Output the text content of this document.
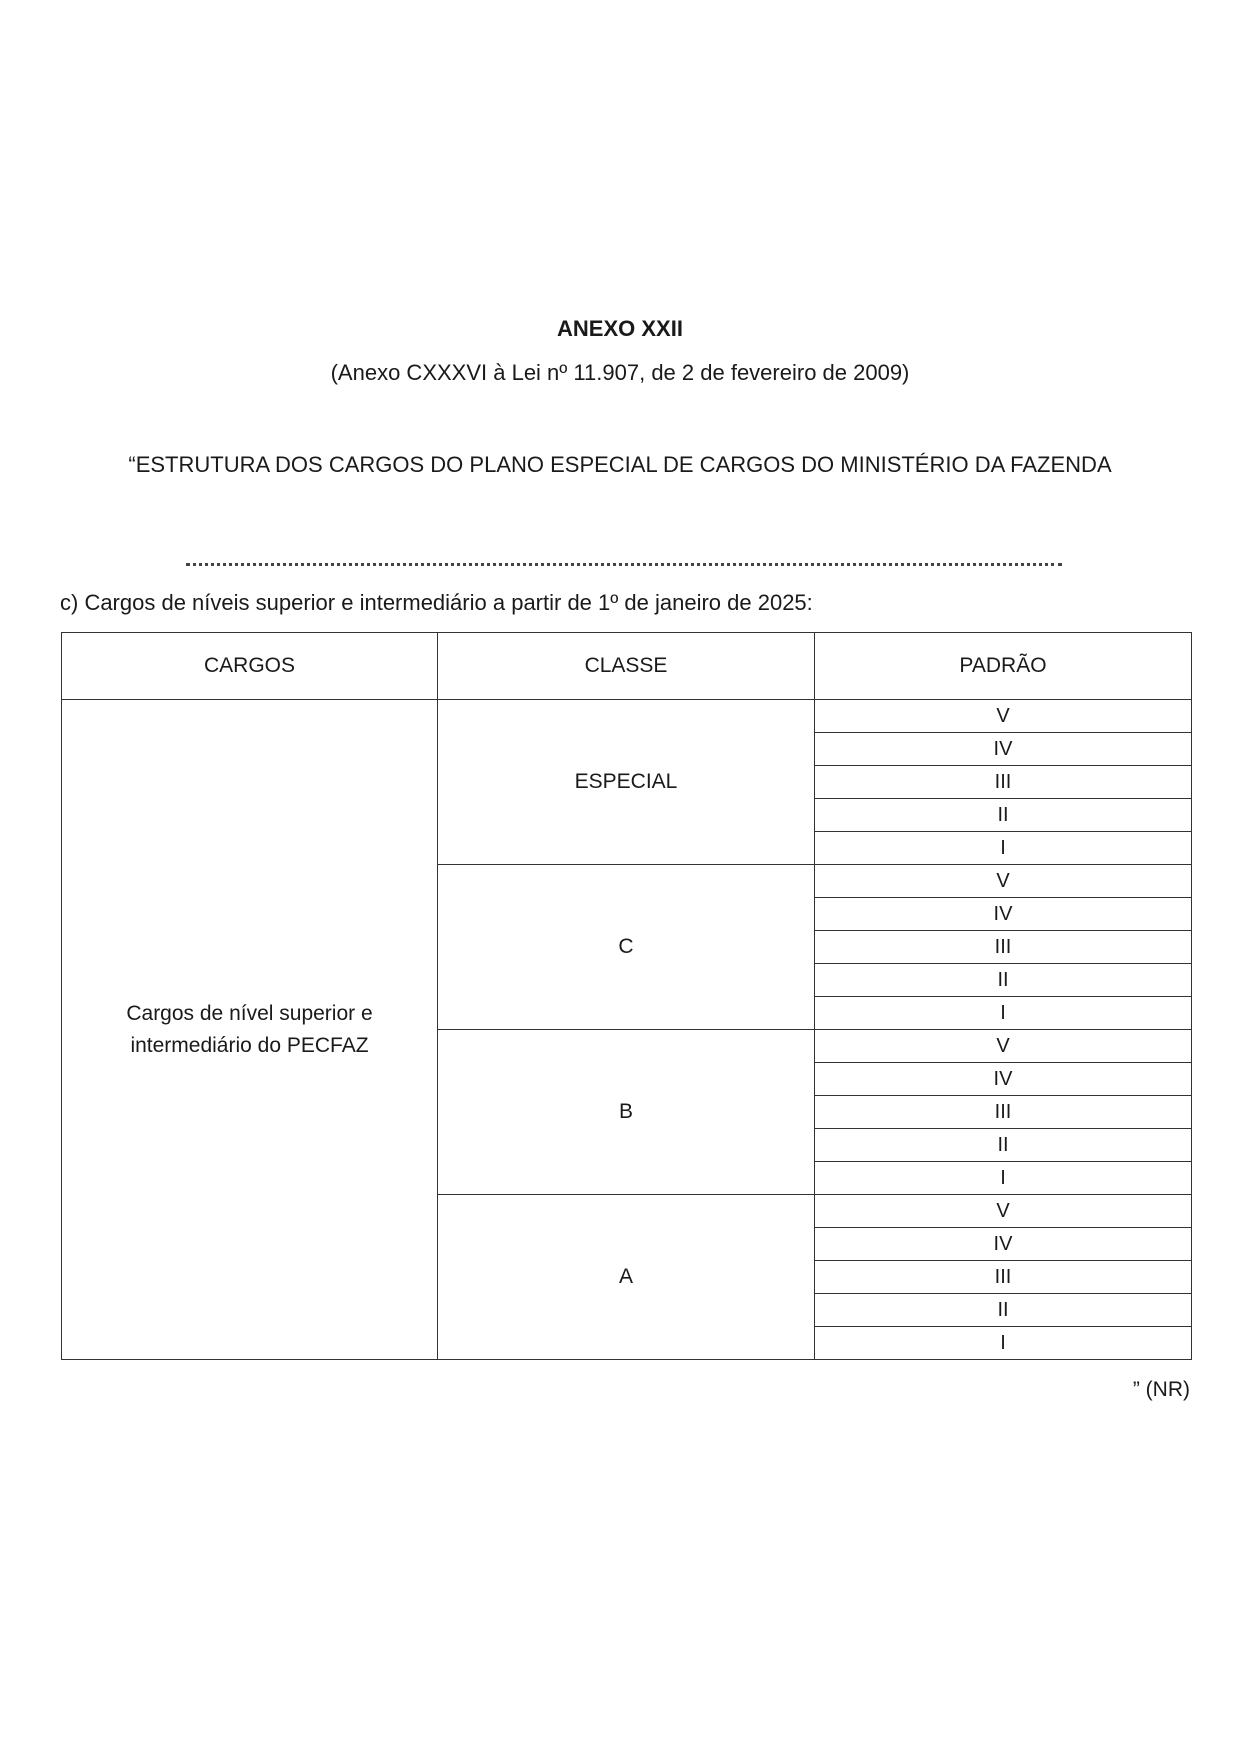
ANEXO XXII

(Anexo CXXXVI à Lei nº 11.907, de 2 de fevereiro de 2009)

“ESTRUTURA DOS CARGOS DO PLANO ESPECIAL DE CARGOS DO MINISTÉRIO DA FAZENDA

c) Cargos de níveis superior e intermediário a partir de 1º de janeiro de 2025:

CARGOS	CLASSE	PADRÃO
Cargos de nível superior e
intermediário do PECFAZ	ESPECIAL	V
		IV
		III
		II
		I
	C	V
		IV
		III
		II
		I
	B	V
		IV
		III
		II
		I
	A	V
		IV
		III
		II
		I

” (NR)
